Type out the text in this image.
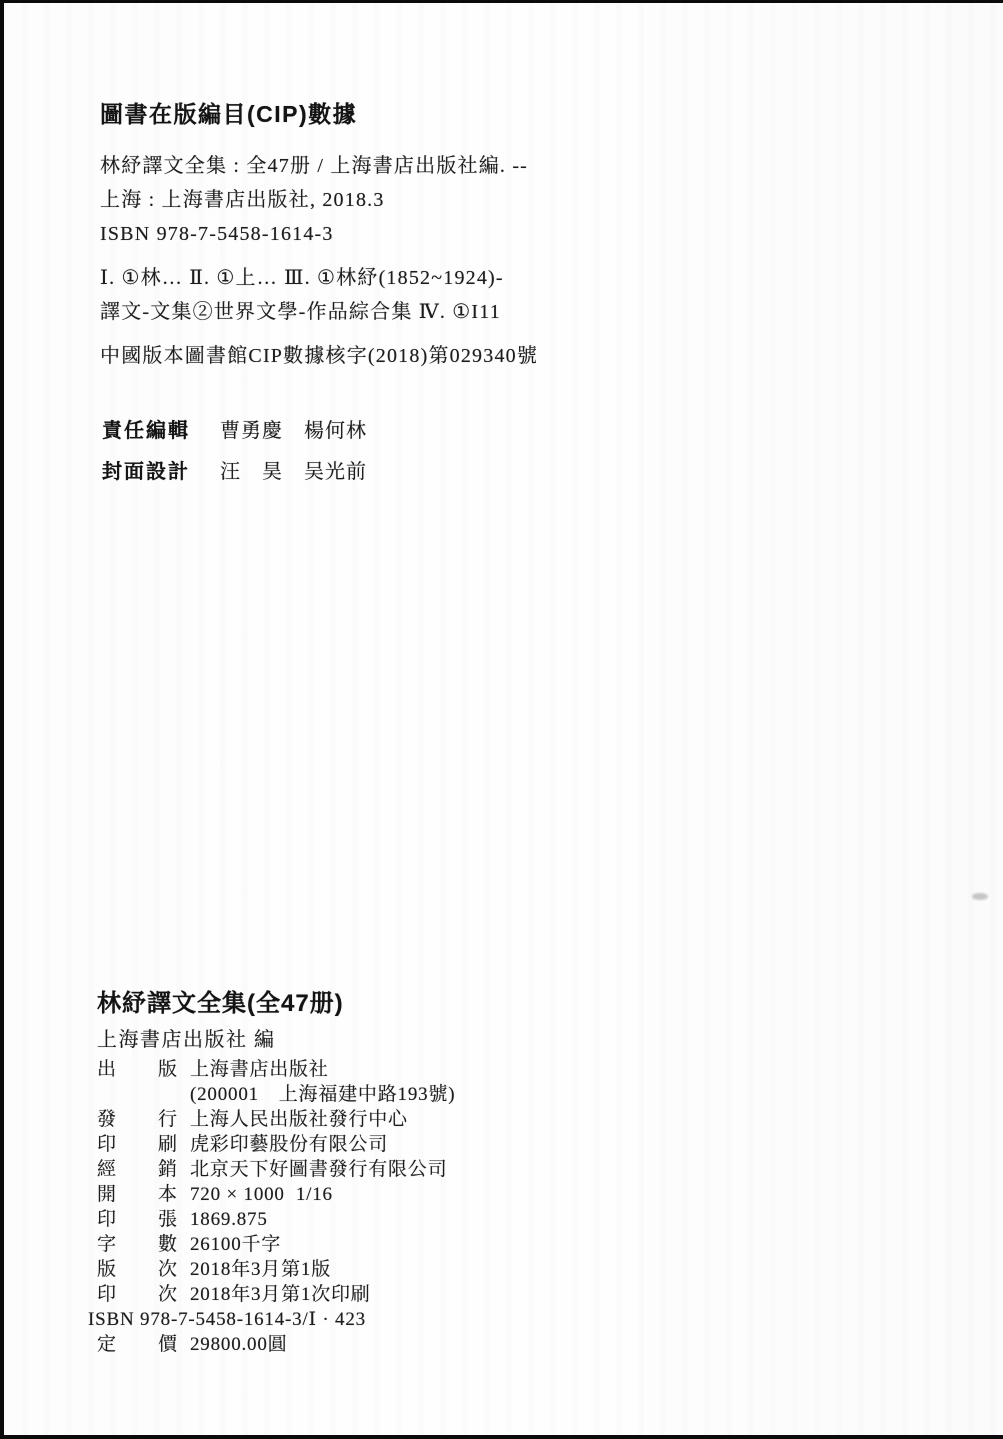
圖書在版編目(CIP)數據

林紓譯文全集 : 全47册 / 上海書店出版社編. --

上海 : 上海書店出版社, 2018.3

ISBN 978-7-5458-1614-3

Ⅰ. ①林… Ⅱ. ①上… Ⅲ. ①林紓(1852~1924)-

譯文-文集②世界文學-作品綜合集 Ⅳ. ①I11

中國版本圖書館CIP數據核字(2018)第029340號

責任編輯	曹勇慶　楊何林
封面設計	汪　昊　吴光前
林紓譯文全集(全47册)

上海書店出版社 編

出版 上海書店出版社
(200001　上海福建中路193號)
發行 上海人民出版社發行中心
印刷 虎彩印藝股份有限公司
經銷 北京天下好圖書發行有限公司
開本 720 × 1000  1/16
印張 1869.875
字數 26100千字
版次 2018年3月第1版
印次 2018年3月第1次印刷
ISBN 978-7-5458-1614-3/Ⅰ · 423
定價 29800.00圓
